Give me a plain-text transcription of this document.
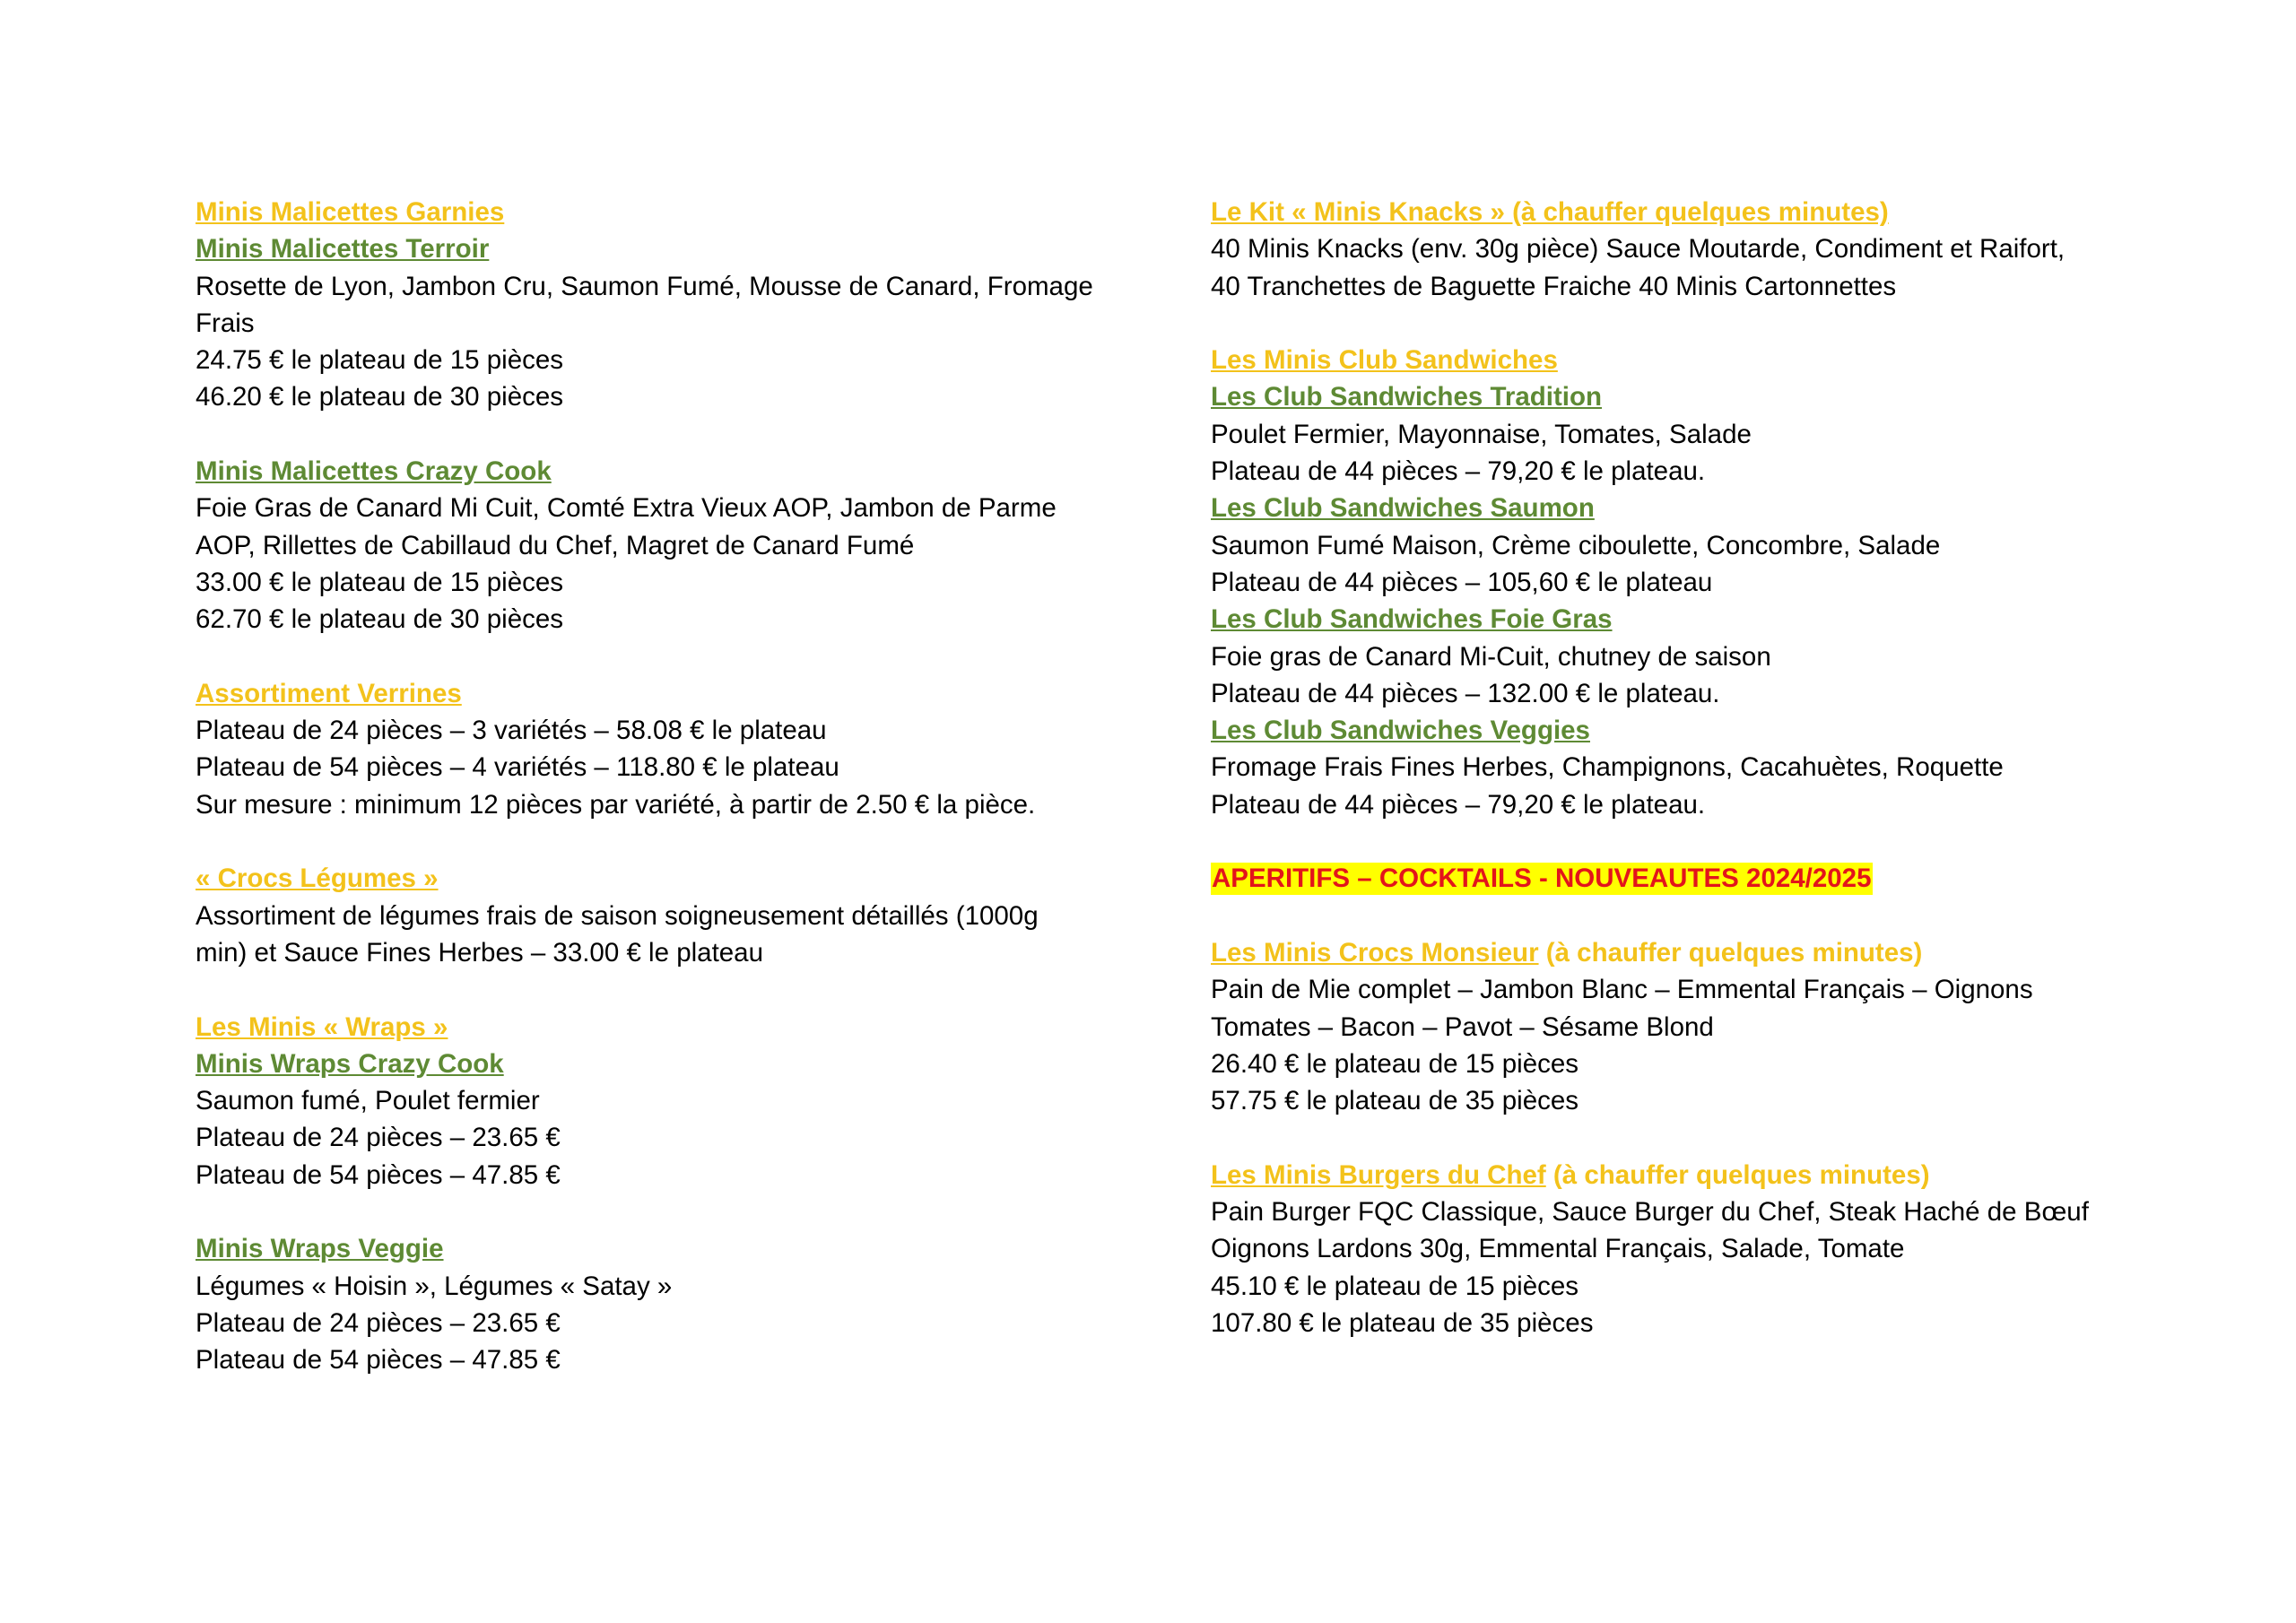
Minis Malicettes Garnies
Minis Malicettes Terroir
Rosette de Lyon, Jambon Cru, Saumon Fumé, Mousse de Canard, Fromage
Frais
24.75 € le plateau de 15 pièces
46.20 € le plateau de 30 pièces
Minis Malicettes Crazy Cook
Foie Gras de Canard Mi Cuit, Comté Extra Vieux AOP, Jambon de Parme
AOP, Rillettes de Cabillaud du Chef, Magret de Canard Fumé
33.00 € le plateau de 15 pièces
62.70 € le plateau de 30 pièces
Assortiment Verrines
Plateau de 24 pièces – 3 variétés – 58.08 € le plateau
Plateau de 54 pièces – 4 variétés – 118.80 € le plateau
Sur mesure : minimum 12 pièces par variété, à partir de 2.50 € la pièce.
« Crocs Légumes »
Assortiment de légumes frais de saison soigneusement détaillés (1000g
min) et Sauce Fines Herbes – 33.00 € le plateau
Les Minis « Wraps »
Minis Wraps Crazy Cook
Saumon fumé, Poulet fermier
Plateau de 24 pièces – 23.65 €
Plateau de 54 pièces – 47.85 €
Minis Wraps Veggie
Légumes « Hoisin », Légumes « Satay »
Plateau de 24 pièces – 23.65 €
Plateau de 54 pièces – 47.85 €
Le Kit « Minis Knacks » (à chauffer quelques minutes)
40 Minis Knacks (env. 30g pièce) Sauce Moutarde, Condiment et Raifort,
40 Tranchettes de Baguette Fraiche 40 Minis Cartonnettes
Les Minis Club Sandwiches
Les Club Sandwiches Tradition
Poulet Fermier, Mayonnaise, Tomates, Salade
Plateau de 44 pièces – 79,20 € le plateau.
Les Club Sandwiches Saumon
Saumon Fumé Maison, Crème ciboulette, Concombre, Salade
Plateau de 44 pièces – 105,60 € le plateau
Les Club Sandwiches Foie Gras
Foie gras de Canard Mi-Cuit, chutney de saison
Plateau de 44 pièces – 132.00 € le plateau.
Les Club Sandwiches Veggies
Fromage Frais Fines Herbes, Champignons, Cacahuètes, Roquette
Plateau de 44 pièces – 79,20 € le plateau.
APERITIFS – COCKTAILS - NOUVEAUTES 2024/2025
Les Minis Crocs Monsieur (à chauffer quelques minutes)
Pain de Mie complet – Jambon Blanc – Emmental Français – Oignons
Tomates – Bacon – Pavot – Sésame Blond
26.40 € le plateau de 15 pièces
57.75 € le plateau de 35 pièces
Les Minis Burgers du Chef (à chauffer quelques minutes)
Pain Burger FQC Classique, Sauce Burger du Chef, Steak Haché de Bœuf
Oignons Lardons 30g, Emmental Français, Salade, Tomate
45.10 € le plateau de 15 pièces
107.80 € le plateau de 35 pièces
